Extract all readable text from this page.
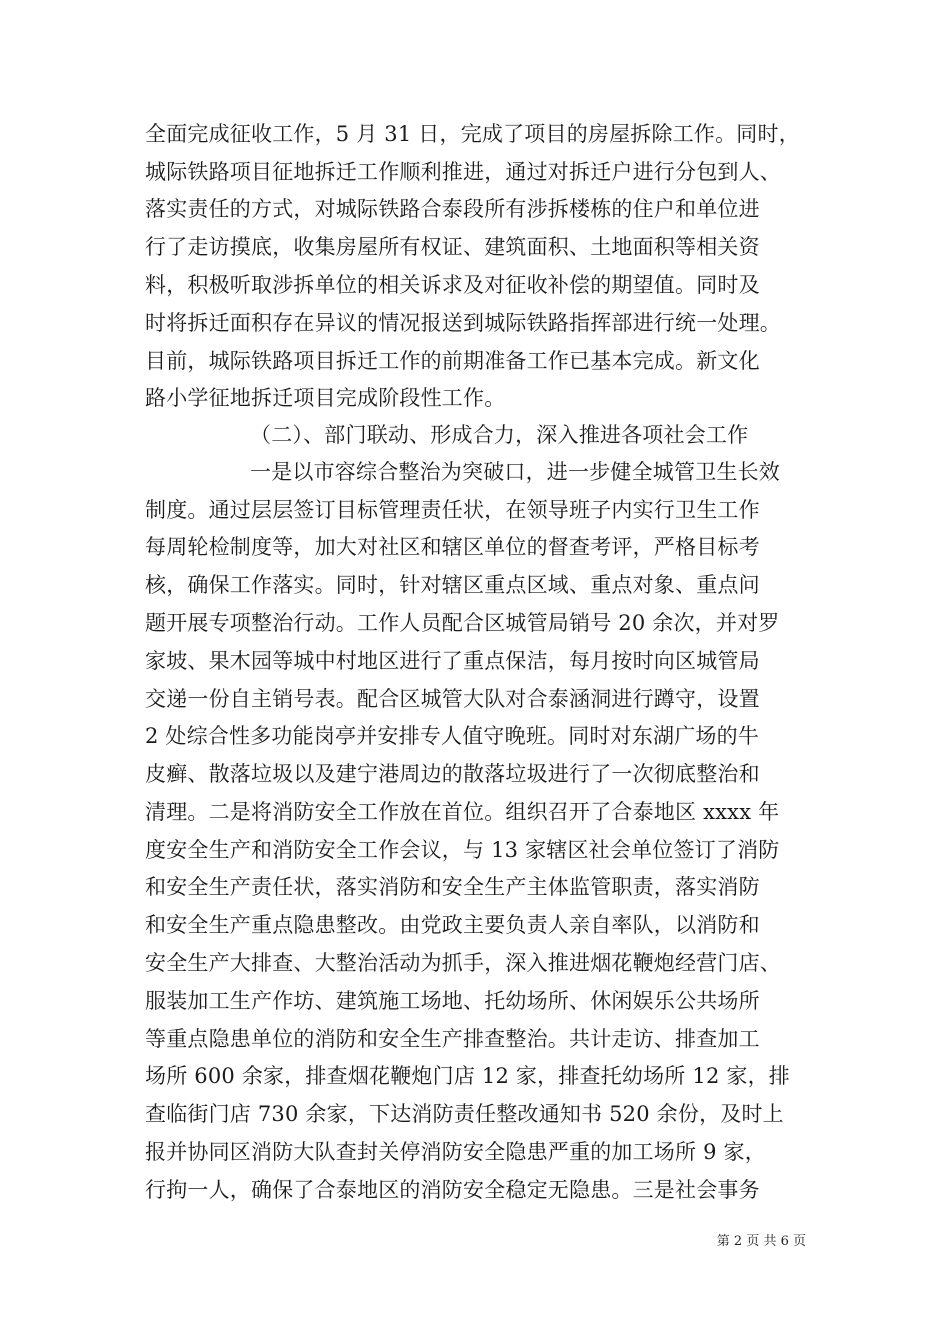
全面完成征收工作，5 月 31 日，完成了项目的房屋拆除工作。同时，
城际铁路项目征地拆迁工作顺利推进，通过对拆迁户进行分包到人、
落实责任的方式，对城际铁路合泰段所有涉拆楼栋的住户和单位进
行了走访摸底，收集房屋所有权证、建筑面积、土地面积等相关资
料，积极听取涉拆单位的相关诉求及对征收补偿的期望值。同时及
时将拆迁面积存在异议的情况报送到城际铁路指挥部进行统一处理。
目前，城际铁路项目拆迁工作的前期准备工作已基本完成。新文化
路小学征地拆迁项目完成阶段性工作。
（二）、部门联动、形成合力，深入推进各项社会工作
一是以市容综合整治为突破口，进一步健全城管卫生长效
制度。通过层层签订目标管理责任状，在领导班子内实行卫生工作
每周轮检制度等，加大对社区和辖区单位的督查考评，严格目标考
核，确保工作落实。同时，针对辖区重点区域、重点对象、重点问
题开展专项整治行动。工作人员配合区城管局销号 20 余次，并对罗
家坡、果木园等城中村地区进行了重点保洁，每月按时向区城管局
交递一份自主销号表。配合区城管大队对合泰涵洞进行蹲守，设置
2 处综合性多功能岗亭并安排专人值守晚班。同时对东湖广场的牛
皮癣、散落垃圾以及建宁港周边的散落垃圾进行了一次彻底整治和
清理。二是将消防安全工作放在首位。组织召开了合泰地区 xxxx 年
度安全生产和消防安全工作会议，与 13 家辖区社会单位签订了消防
和安全生产责任状，落实消防和安全生产主体监管职责，落实消防
和安全生产重点隐患整改。由党政主要负责人亲自率队，以消防和
安全生产大排查、大整治活动为抓手，深入推进烟花鞭炮经营门店、
服装加工生产作坊、建筑施工场地、托幼场所、休闲娱乐公共场所
等重点隐患单位的消防和安全生产排查整治。共计走访、排查加工
场所 600 余家，排查烟花鞭炮门店 12 家，排查托幼场所 12 家，排
查临街门店 730 余家，下达消防责任整改通知书 520 余份，及时上
报并协同区消防大队查封关停消防安全隐患严重的加工场所 9 家，
行拘一人，确保了合泰地区的消防安全稳定无隐患。三是社会事务
第 2 页 共 6 页
